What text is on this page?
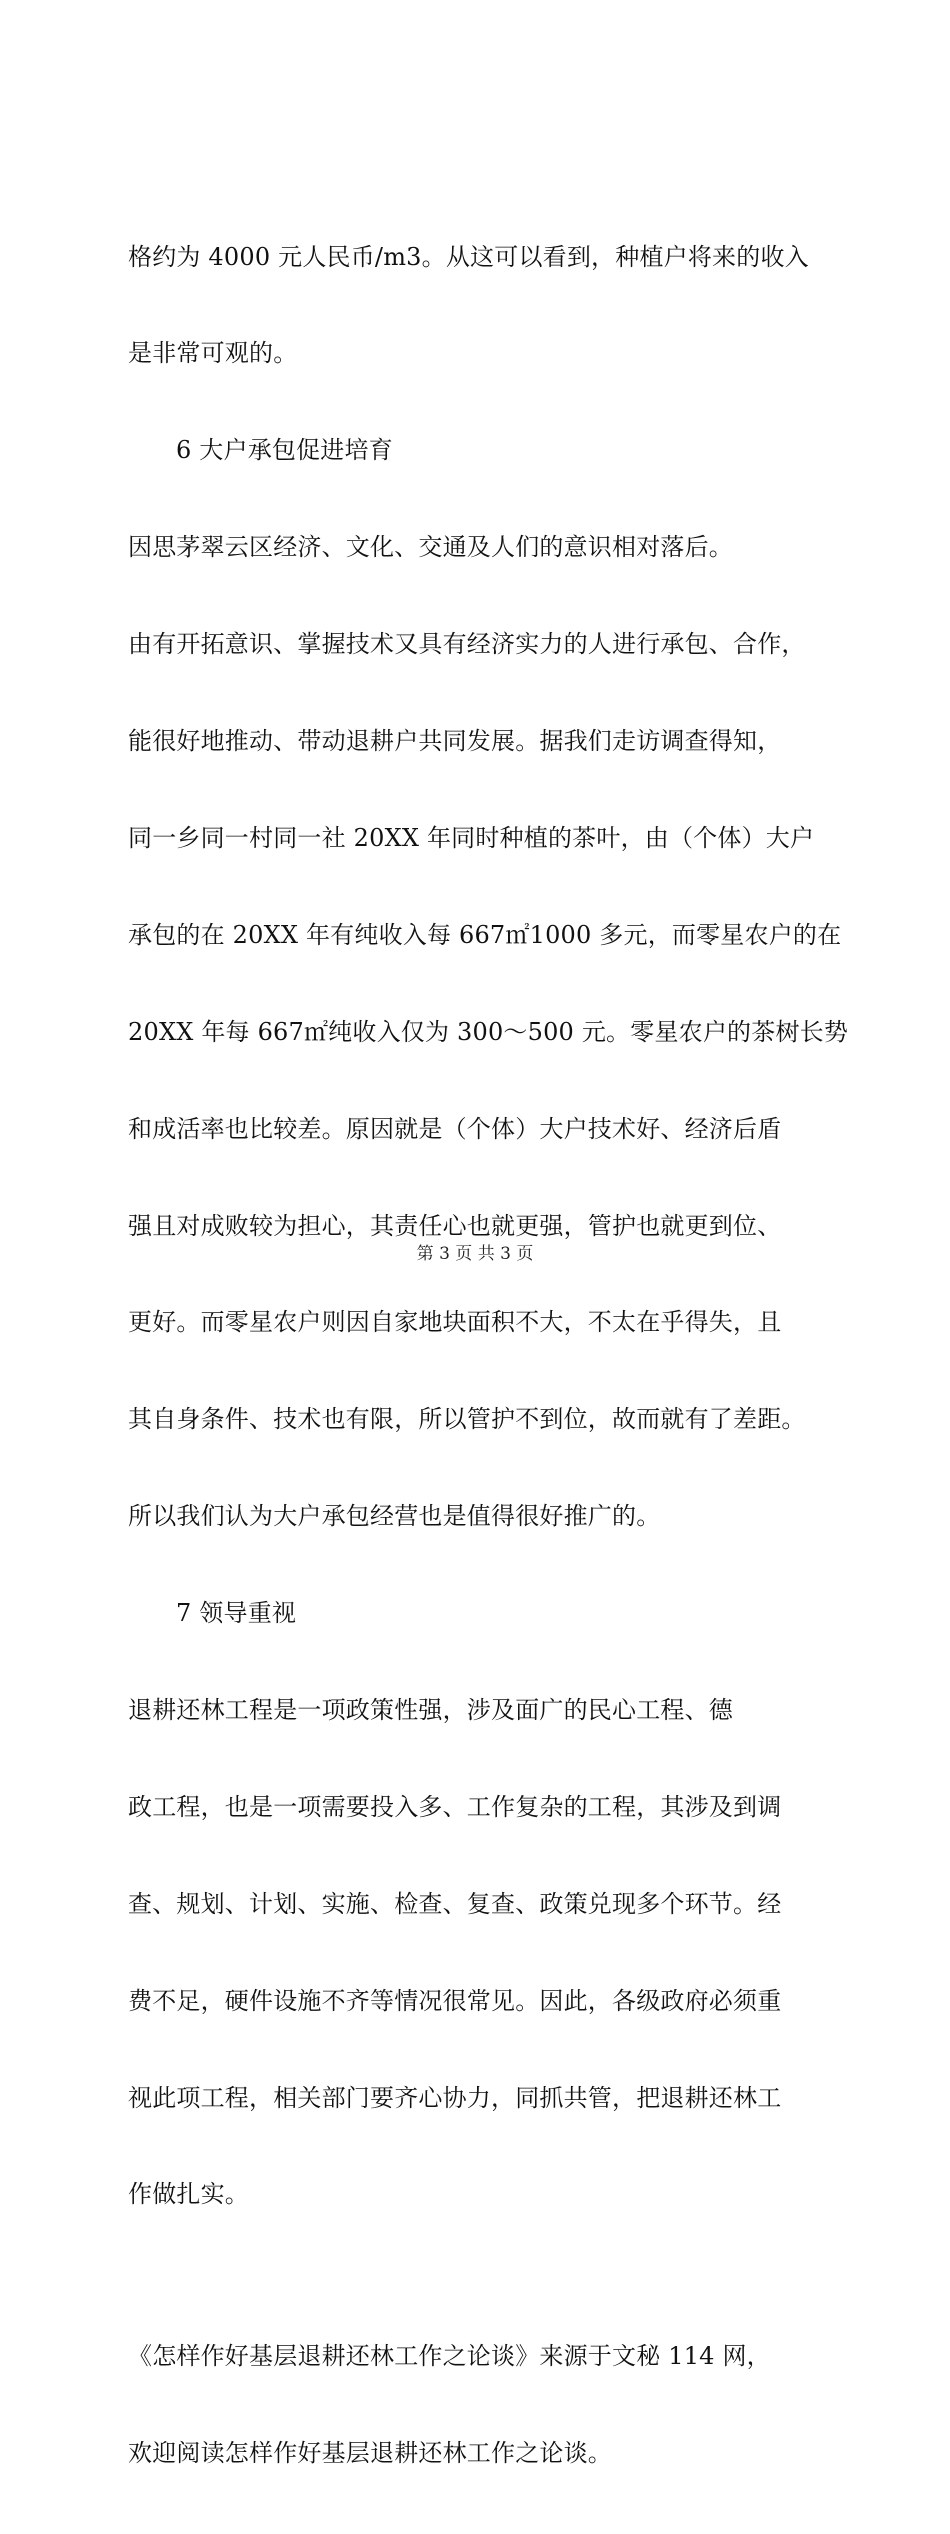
格约为 4000 元人民币/m3。从这可以看到，种植户将来的收入

是非常可观的。

6 大户承包促进培育

因思茅翠云区经济、文化、交通及人们的意识相对落后。

由有开拓意识、掌握技术又具有经济实力的人进行承包、合作，

能很好地推动、带动退耕户共同发展。据我们走访调查得知，

同一乡同一村同一社 20XX 年同时种植的茶叶，由（个体）大户

承包的在 20XX 年有纯收入每 667㎡1000 多元，而零星农户的在

20XX 年每 667㎡纯收入仅为 300～500 元。零星农户的茶树长势

和成活率也比较差。原因就是（个体）大户技术好、经济后盾

强且对成败较为担心，其责任心也就更强，管护也就更到位、

更好。而零星农户则因自家地块面积不大，不太在乎得失，且

其自身条件、技术也有限，所以管护不到位，故而就有了差距。

所以我们认为大户承包经营也是值得很好推广的。

7 领导重视

退耕还林工程是一项政策性强，涉及面广的民心工程、德

政工程，也是一项需要投入多、工作复杂的工程，其涉及到调

查、规划、计划、实施、检查、复查、政策兑现多个环节。经

费不足，硬件设施不齐等情况很常见。因此，各级政府必须重

视此项工程，相关部门要齐心协力，同抓共管，把退耕还林工

作做扎实。

《怎样作好基层退耕还林工作之论谈》来源于文秘 114 网，

欢迎阅读怎样作好基层退耕还林工作之论谈。

第 3 页 共 3 页
